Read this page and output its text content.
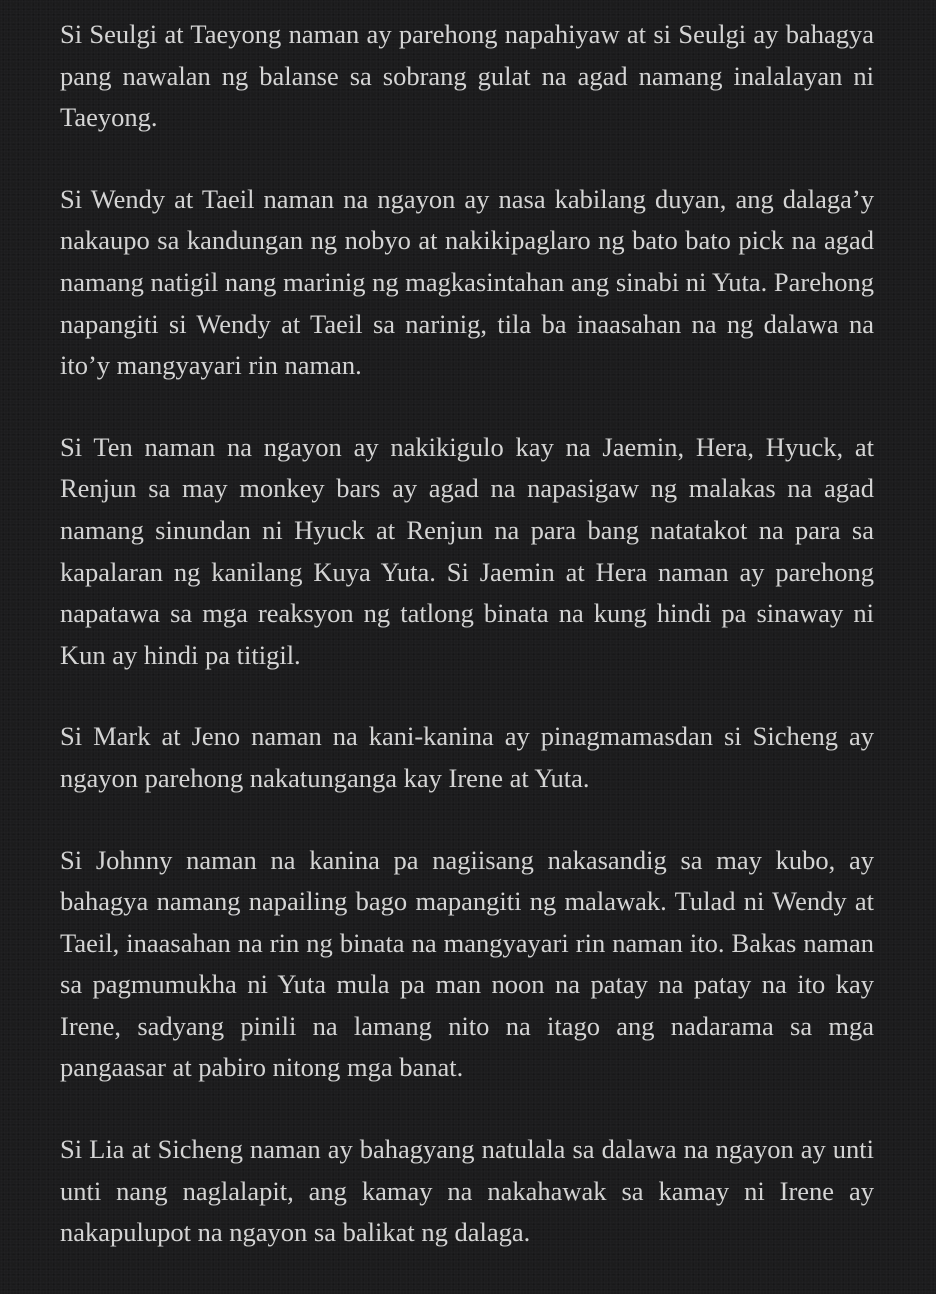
Si Seulgi at Taeyong naman ay parehong napahiyaw at si Seulgi ay bahagya pang nawalan ng balanse sa sobrang gulat na agad namang inalalayan ni Taeyong.

Si Wendy at Taeil naman na ngayon ay nasa kabilang duyan, ang dalaga’y nakaupo sa kandungan ng nobyo at nakikipaglaro ng bato bato pick na agad namang natigil nang marinig ng magkasintahan ang sinabi ni Yuta. Parehong napangiti si Wendy at Taeil sa narinig, tila ba inaasahan na ng dalawa na ito’y mangyayari rin naman.

Si Ten naman na ngayon ay nakikigulo kay na Jaemin, Hera, Hyuck, at Renjun sa may monkey bars ay agad na napasigaw ng malakas na agad namang sinundan ni Hyuck at Renjun na para bang natatakot na para sa kapalaran ng kanilang Kuya Yuta. Si Jaemin at Hera naman ay parehong napatawa sa mga reaksyon ng tatlong binata na kung hindi pa sinaway ni Kun ay hindi pa titigil.

Si Mark at Jeno naman na kani-kanina ay pinagmamasdan si Sicheng ay ngayon parehong nakatunganga kay Irene at Yuta.

Si Johnny naman na kanina pa nagiisang nakasandig sa may kubo, ay bahagya namang napailing bago mapangiti ng malawak. Tulad ni Wendy at Taeil, inaasahan na rin ng binata na mangyayari rin naman ito. Bakas naman sa pagmumukha ni Yuta mula pa man noon na patay na patay na ito kay Irene, sadyang pinili na lamang nito na itago ang nadarama sa mga pangaasar at pabiro nitong mga banat.

Si Lia at Sicheng naman ay bahagyang natulala sa dalawa na ngayon ay unti unti nang naglalapit, ang kamay na nakahawak sa kamay ni Irene ay nakapulupot na ngayon sa balikat ng dalaga.
